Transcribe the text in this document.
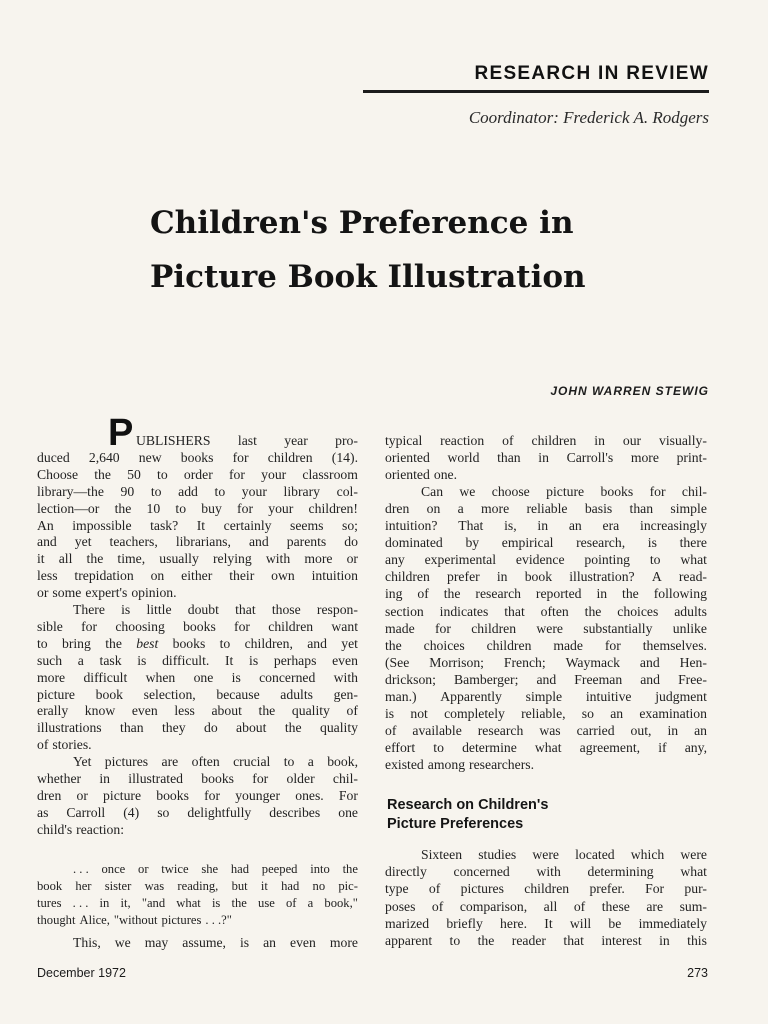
RESEARCH IN REVIEW
Coordinator: Frederick A. Rodgers
Children's Preference in
Picture Book Illustration
JOHN WARREN STEWIG
P UBLISHERS last year pro-
duced 2,640 new books for children (14).
Choose the 50 to order for your classroom
library—the 90 to add to your library col-
lection—or the 10 to buy for your children!
An impossible task? It certainly seems so;
and yet teachers, librarians, and parents do
it all the time, usually relying with more or
less trepidation on either their own intuition
or some expert's opinion.
There is little doubt that those respon-
sible for choosing books for children want
to bring the best books to children, and yet
such a task is difficult. It is perhaps even
more difficult when one is concerned with
picture book selection, because adults gen-
erally know even less about the quality of
illustrations than they do about the quality
of stories.
Yet pictures are often crucial to a book,
whether in illustrated books for older chil-
dren or picture books for younger ones. For
as Carroll (4) so delightfully describes one
child's reaction:
. . . once or twice she had peeped into the
book her sister was reading, but it had no pic-
tures . . . in it, "and what is the use of a book,"
thought Alice, "without pictures . . .?"
This, we may assume, is an even more
typical reaction of children in our visually-
oriented world than in Carroll's more print-
oriented one.
Can we choose picture books for chil-
dren on a more reliable basis than simple
intuition? That is, in an era increasingly
dominated by empirical research, is there
any experimental evidence pointing to what
children prefer in book illustration? A read-
ing of the research reported in the following
section indicates that often the choices adults
made for children were substantially unlike
the choices children made for themselves.
(See Morrison; French; Waymack and Hen-
drickson; Bamberger; and Freeman and Free-
man.) Apparently simple intuitive judgment
is not completely reliable, so an examination
of available research was carried out, in an
effort to determine what agreement, if any,
existed among researchers.
Research on Children's
Picture Preferences
Sixteen studies were located which were
directly concerned with determining what
type of pictures children prefer. For pur-
poses of comparison, all of these are sum-
marized briefly here. It will be immediately
apparent to the reader that interest in this
December 1972	273
